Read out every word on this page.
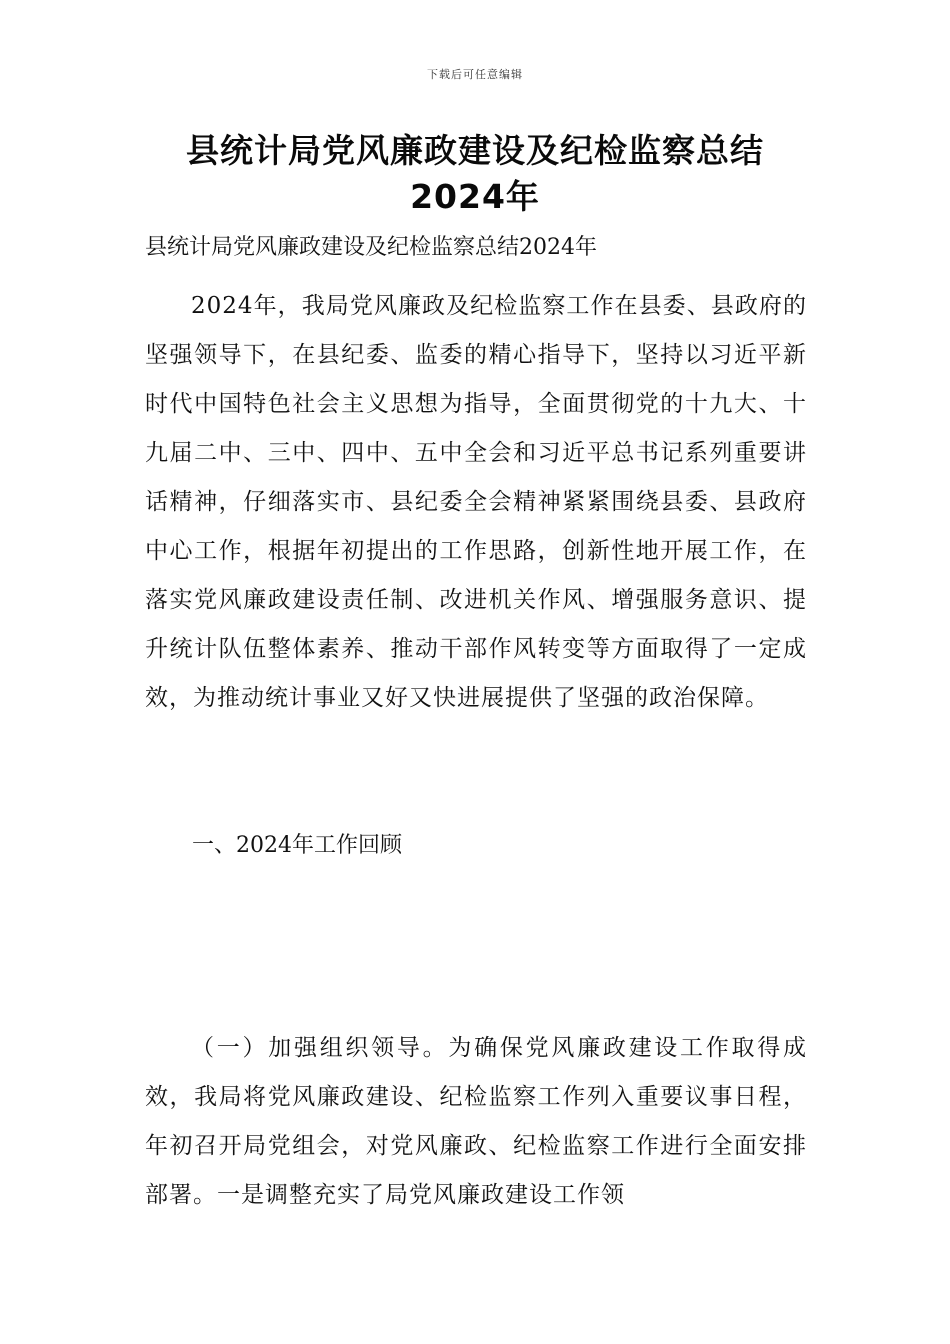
下载后可任意编辑
县统计局党风廉政建设及纪检监察总结
2024年
县统计局党风廉政建设及纪检监察总结2024年

2024年，我局党风廉政及纪检监察工作在县委、县政府的坚强领导下，在县纪委、监委的精心指导下，坚持以习近平新时代中国特色社会主义思想为指导，全面贯彻党的十九大、十九届二中、三中、四中、五中全会和习近平总书记系列重要讲话精神，仔细落实市、县纪委全会精神紧紧围绕县委、县政府中心工作，根据年初提出的工作思路，创新性地开展工作，在落实党风廉政建设责任制、改进机关作风、增强服务意识、提升统计队伍整体素养、推动干部作风转变等方面取得了一定成效，为推动统计事业又好又快进展提供了坚强的政治保障。

一、2024年工作回顾

（一）加强组织领导。为确保党风廉政建设工作取得成效，我局将党风廉政建设、纪检监察工作列入重要议事日程，年初召开局党组会，对党风廉政、纪检监察工作进行全面安排部署。一是调整充实了局党风廉政建设工作领
